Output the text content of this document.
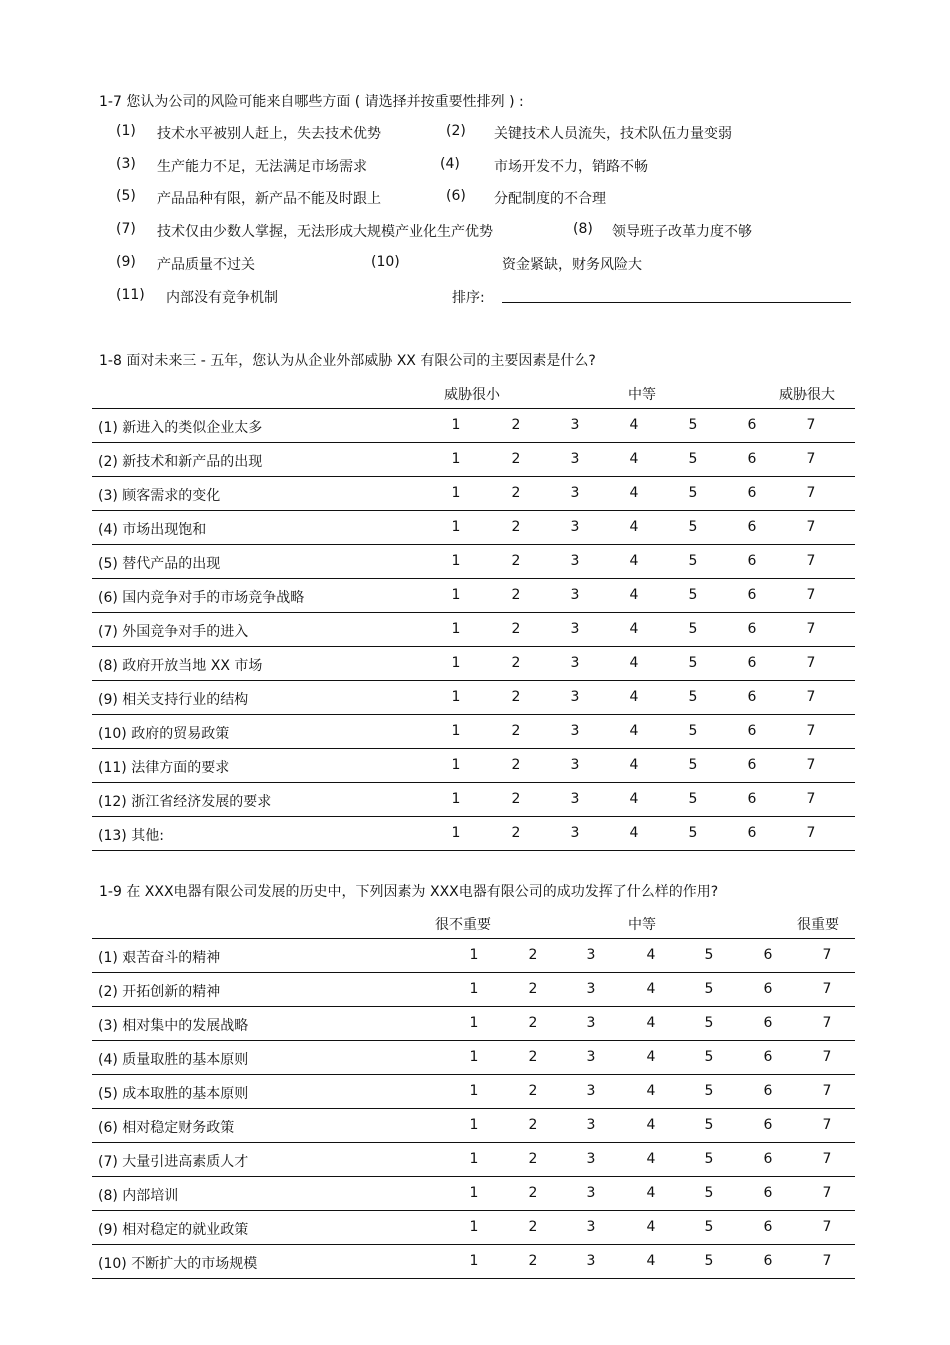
1-7 您认为公司的风险可能来自哪些方面 ( 请选择并按重要性排列 ) :
(1) 技术水平被别人赶上，失去技术优势	(2) 关键技术人员流失，技术队伍力量变弱
(3) 生产能力不足，无法满足市场需求	(4) 市场开发不力，销路不畅
(5) 产品品种有限，新产品不能及时跟上	(6) 分配制度的不合理
(7) 技术仅由少数人掌握，无法形成大规模产业化生产优势	(8) 领导班子改革力度不够
(9) 产品质量不过关	(10)	资金紧缺，财务风险大
(11) 内部没有竞争机制	排序:
1-8 面对未来三 - 五年，您认为从企业外部威胁 XX 有限公司的主要因素是什么?
威胁很小	中等	威胁很大
(1) 新进入的类似企业太多	1	2	3	4	5	6	7
(2) 新技术和新产品的出现	1	2	3	4	5	6	7
(3) 顾客需求的变化	1	2	3	4	5	6	7
(4) 市场出现饱和	1	2	3	4	5	6	7
(5) 替代产品的出现	1	2	3	4	5	6	7
(6) 国内竞争对手的市场竞争战略	1	2	3	4	5	6	7
(7) 外国竞争对手的进入	1	2	3	4	5	6	7
(8) 政府开放当地 XX 市场	1	2	3	4	5	6	7
(9) 相关支持行业的结构	1	2	3	4	5	6	7
(10) 政府的贸易政策	1	2	3	4	5	6	7
(11) 法律方面的要求	1	2	3	4	5	6	7
(12) 浙江省经济发展的要求	1	2	3	4	5	6	7
(13) 其他:	1	2	3	4	5	6	7
1-9 在 XXX电器有限公司发展的历史中，下列因素为 XXX电器有限公司的成功发挥了什么样的作用?
很不重要	中等	很重要
(1) 艰苦奋斗的精神	1	2	3	4	5	6	7
(2) 开拓创新的精神	1	2	3	4	5	6	7
(3) 相对集中的发展战略	1	2	3	4	5	6	7
(4) 质量取胜的基本原则	1	2	3	4	5	6	7
(5) 成本取胜的基本原则	1	2	3	4	5	6	7
(6) 相对稳定财务政策	1	2	3	4	5	6	7
(7) 大量引进高素质人才	1	2	3	4	5	6	7
(8) 内部培训	1	2	3	4	5	6	7
(9) 相对稳定的就业政策	1	2	3	4	5	6	7
(10) 不断扩大的市场规模	1	2	3	4	5	6	7
